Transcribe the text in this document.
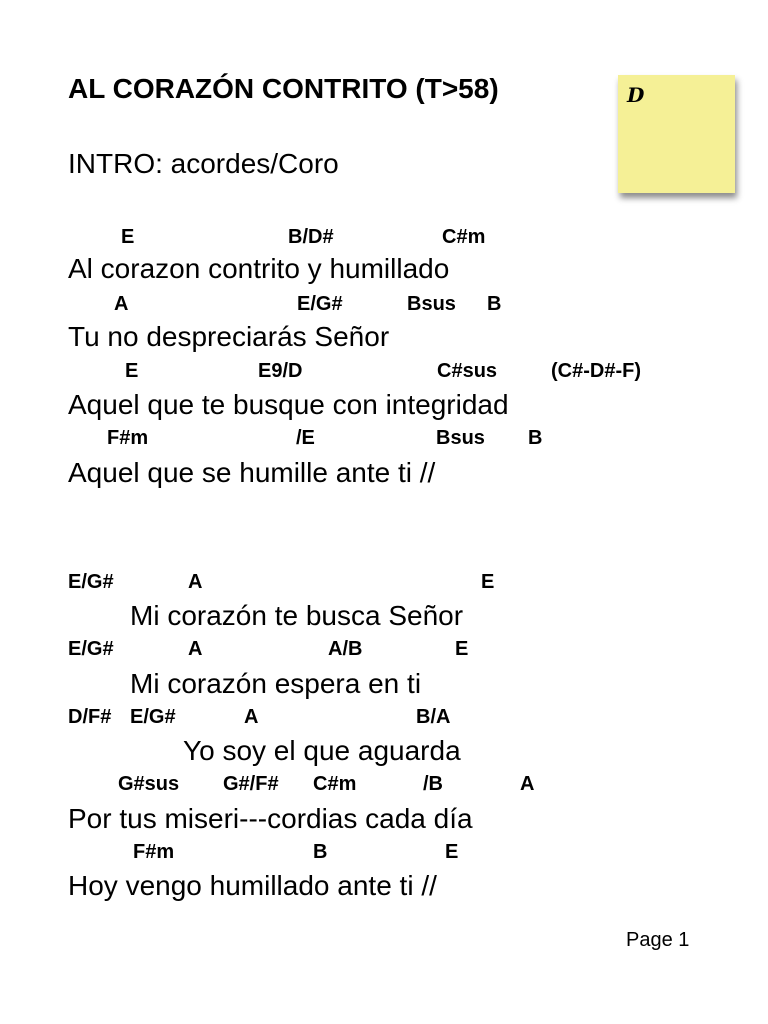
AL CORAZÓN CONTRITO (T>58)
INTRO: acordes/Coro
D
E	B/D#	C#m
Al corazon contrito y humillado
A	E/G#	Bsus B
Tu no despreciarás Señor
E	E9/D	C#sus	(C#-D#-F)
Aquel que te busque con integridad
F#m	/E	Bsus B
Aquel que se humille ante ti //
E/G#	A	E
Mi corazón te busca Señor
E/G#	A	A/B	E
Mi corazón espera en ti
D/F# E/G#	A	B/A
Yo soy el que aguarda
G#sus G#/F# C#m	/B	A
Por tus miseri---cordias cada día
F#m	B	E
Hoy vengo humillado ante ti //
Page 1
